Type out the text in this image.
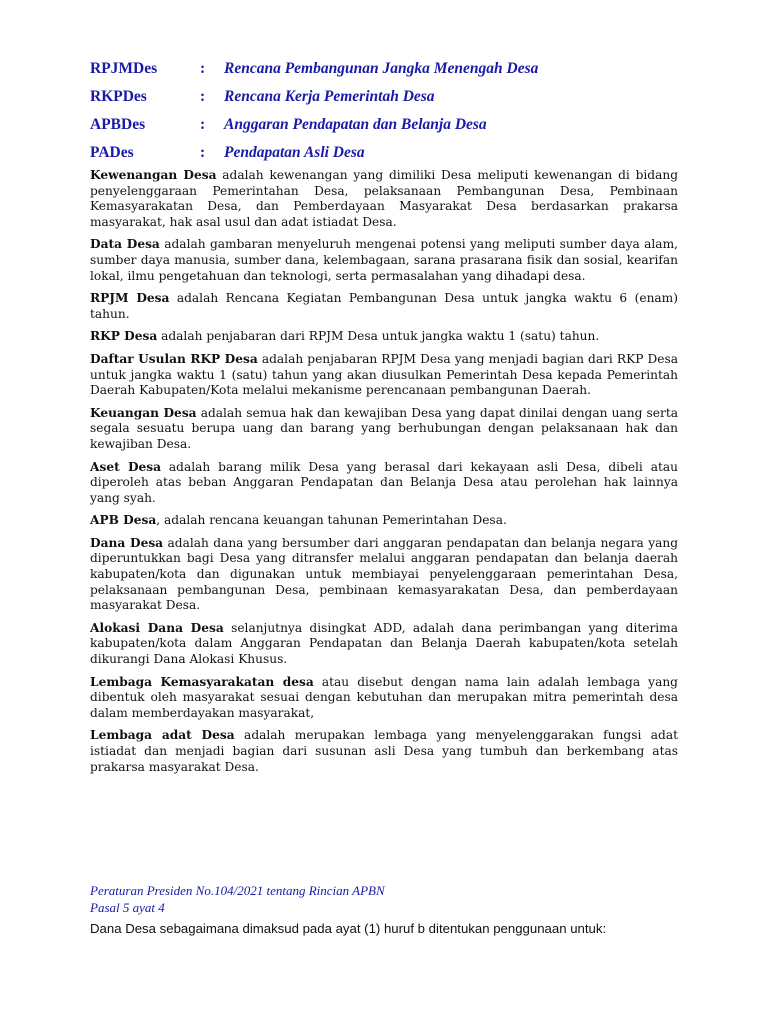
RPJMDes	:	Rencana Pembangunan Jangka Menengah Desa
RKPDes	:	Rencana Kerja Pemerintah Desa
APBDes	:	Anggaran Pendapatan dan Belanja Desa
PADes	:	Pendapatan Asli Desa

Kewenangan Desa adalah kewenangan yang dimiliki Desa meliputi kewenangan di bidang penyelenggaraan Pemerintahan Desa, pelaksanaan Pembangunan Desa, Pembinaan Kemasyarakatan Desa, dan Pemberdayaan Masyarakat Desa berdasarkan prakarsa masyarakat, hak asal usul dan adat istiadat Desa.

Data Desa adalah gambaran menyeluruh mengenai potensi yang meliputi sumber daya alam, sumber daya manusia, sumber dana, kelembagaan, sarana prasarana fisik dan sosial, kearifan lokal, ilmu pengetahuan dan teknologi, serta permasalahan yang dihadapi desa.

RPJM Desa adalah Rencana Kegiatan Pembangunan Desa untuk jangka waktu 6 (enam) tahun.

RKP Desa adalah penjabaran dari RPJM Desa untuk jangka waktu 1 (satu) tahun.

Daftar Usulan RKP Desa adalah penjabaran RPJM Desa yang menjadi bagian dari RKP Desa untuk jangka waktu 1 (satu) tahun yang akan diusulkan Pemerintah Desa kepada Pemerintah Daerah Kabupaten/Kota melalui mekanisme perencanaan pembangunan Daerah.

Keuangan Desa adalah semua hak dan kewajiban Desa yang dapat dinilai dengan uang serta segala sesuatu berupa uang dan barang yang berhubungan dengan pelaksanaan hak dan kewajiban Desa.

Aset Desa adalah barang milik Desa yang berasal dari kekayaan asli Desa, dibeli atau diperoleh atas beban Anggaran Pendapatan dan Belanja Desa atau perolehan hak lainnya yang syah.

APB Desa, adalah rencana keuangan tahunan Pemerintahan Desa.

Dana Desa adalah dana yang bersumber dari anggaran pendapatan dan belanja negara yang diperuntukkan bagi Desa yang ditransfer melalui anggaran pendapatan dan belanja daerah kabupaten/kota dan digunakan untuk membiayai penyelenggaraan pemerintahan Desa, pelaksanaan pembangunan Desa, pembinaan kemasyarakatan Desa, dan pemberdayaan masyarakat Desa.

Alokasi Dana Desa selanjutnya disingkat ADD, adalah dana perimbangan yang diterima kabupaten/kota dalam Anggaran Pendapatan dan Belanja Daerah kabupaten/kota setelah dikurangi Dana Alokasi Khusus.

Lembaga Kemasyarakatan desa atau disebut dengan nama lain adalah lembaga yang dibentuk oleh masyarakat sesuai dengan kebutuhan dan merupakan mitra pemerintah desa dalam memberdayakan masyarakat,

Lembaga adat Desa adalah merupakan lembaga yang menyelenggarakan fungsi adat istiadat dan menjadi bagian dari susunan asli Desa yang tumbuh dan berkembang atas prakarsa masyarakat Desa.

Peraturan Presiden No.104/2021 tentang Rincian APBN
Pasal 5 ayat 4
Dana Desa sebagaimana dimaksud pada ayat (1) huruf b ditentukan penggunaan untuk:
